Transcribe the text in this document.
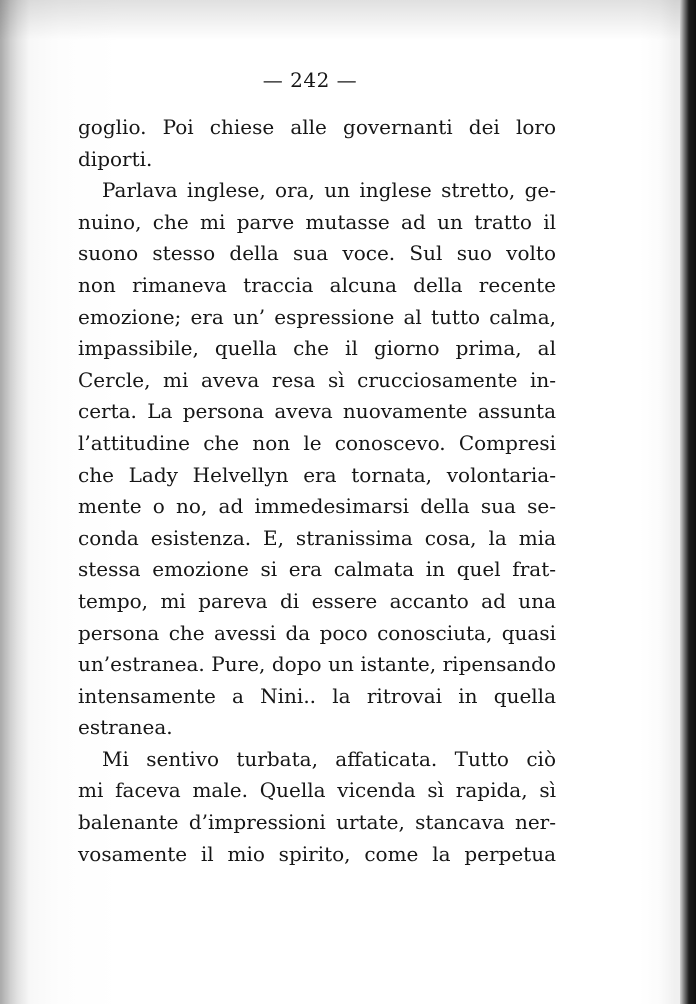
— 242 —
goglio. Poi chiese alle governanti dei loro
diporti.
Parlava inglese, ora, un inglese stretto, ge-
nuino, che mi parve mutasse ad un tratto il
suono stesso della sua voce. Sul suo volto
non rimaneva traccia alcuna della recente
emozione; era un’ espressione al tutto calma,
impassibile, quella che il giorno prima, al
Cercle, mi aveva resa sì crucciosamente in-
certa. La persona aveva nuovamente assunta
l’attitudine che non le conoscevo. Compresi
che Lady Helvellyn era tornata, volontaria-
mente o no, ad immedesimarsi della sua se-
conda esistenza. E, stranissima cosa, la mia
stessa emozione si era calmata in quel frat-
tempo, mi pareva di essere accanto ad una
persona che avessi da poco conosciuta, quasi
un’estranea. Pure, dopo un istante, ripensando
intensamente a Nini.. la ritrovai in quella
estranea.
Mi sentivo turbata, affaticata. Tutto ciò
mi faceva male. Quella vicenda sì rapida, sì
balenante d’impressioni urtate, stancava ner-
vosamente il mio spirito, come la perpetua
